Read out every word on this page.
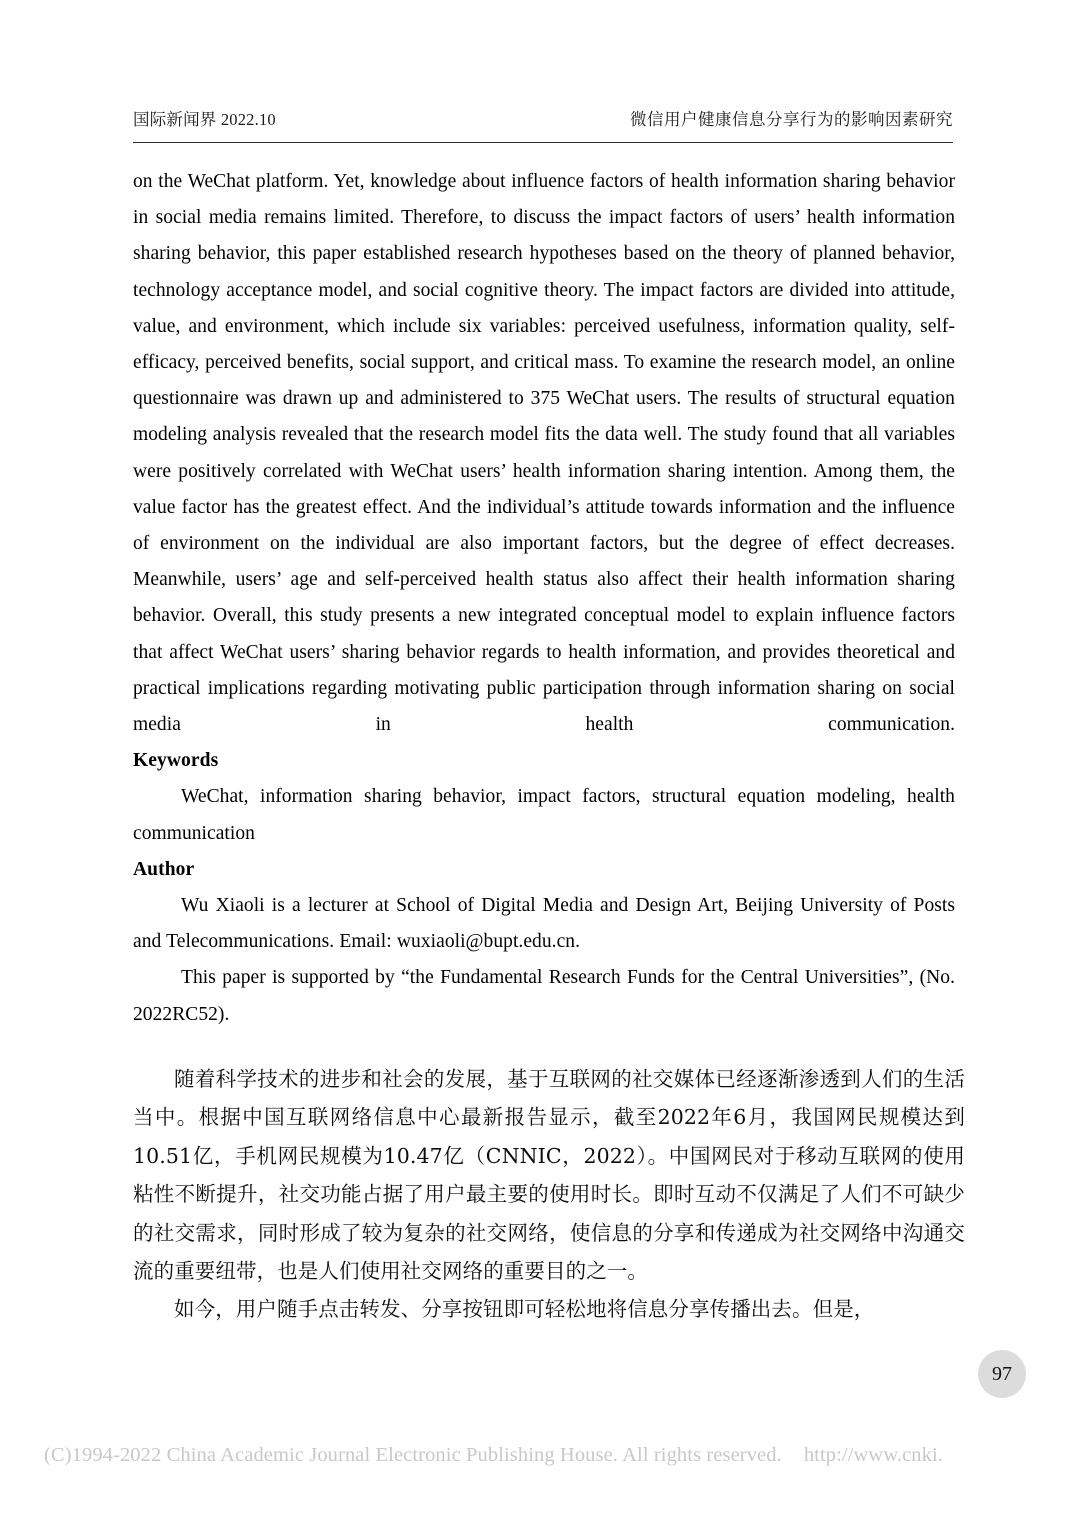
国际新闻界 2022.10	微信用户健康信息分享行为的影响因素研究

on the WeChat platform. Yet, knowledge about influence factors of health information sharing behavior in social media remains limited. Therefore, to discuss the impact factors of users’ health information sharing behavior, this paper established research hypotheses based on the theory of planned behavior, technology acceptance model, and social cognitive theory. The impact factors are divided into attitude, value, and environment, which include six variables: perceived usefulness, information quality, self-efficacy, perceived benefits, social support, and critical mass. To examine the research model, an online questionnaire was drawn up and administered to 375 WeChat users. The results of structural equation modeling analysis revealed that the research model fits the data well. The study found that all variables were positively correlated with WeChat users’ health information sharing intention. Among them, the value factor has the greatest effect. And the individual’s attitude towards information and the influence of environment on the individual are also important factors, but the degree of effect decreases. Meanwhile, users’ age and self-perceived health status also affect their health information sharing behavior. Overall, this study presents a new integrated conceptual model to explain influence factors that affect WeChat users’ sharing behavior regards to health information, and provides theoretical and practical implications regarding motivating public participation through information sharing on social media in health communication.

Keywords

WeChat, information sharing behavior, impact factors, structural equation modeling, health communication

Author

Wu Xiaoli is a lecturer at School of Digital Media and Design Art, Beijing University of Posts and Telecommunications. Email: wuxiaoli@bupt.edu.cn.

This paper is supported by “the Fundamental Research Funds for the Central Universities”, (No. 2022RC52).

随着科学技术的进步和社会的发展，基于互联网的社交媒体已经逐渐渗透到人们的生活当中。根据中国互联网络信息中心最新报告显示，截至2022年6月，我国网民规模达到10.51亿，手机网民规模为10.47亿（CNNIC，2022）。中国网民对于移动互联网的使用粘性不断提升，社交功能占据了用户最主要的使用时长。即时互动不仅满足了人们不可缺少的社交需求，同时形成了较为复杂的社交网络，使信息的分享和传递成为社交网络中沟通交流的重要纽带，也是人们使用社交网络的重要目的之一。

如今，用户随手点击转发、分享按钮即可轻松地将信息分享传播出去。但是，

97
(C)1994-2022 China Academic Journal Electronic Publishing House. All rights reserved. http://www.cnki.
